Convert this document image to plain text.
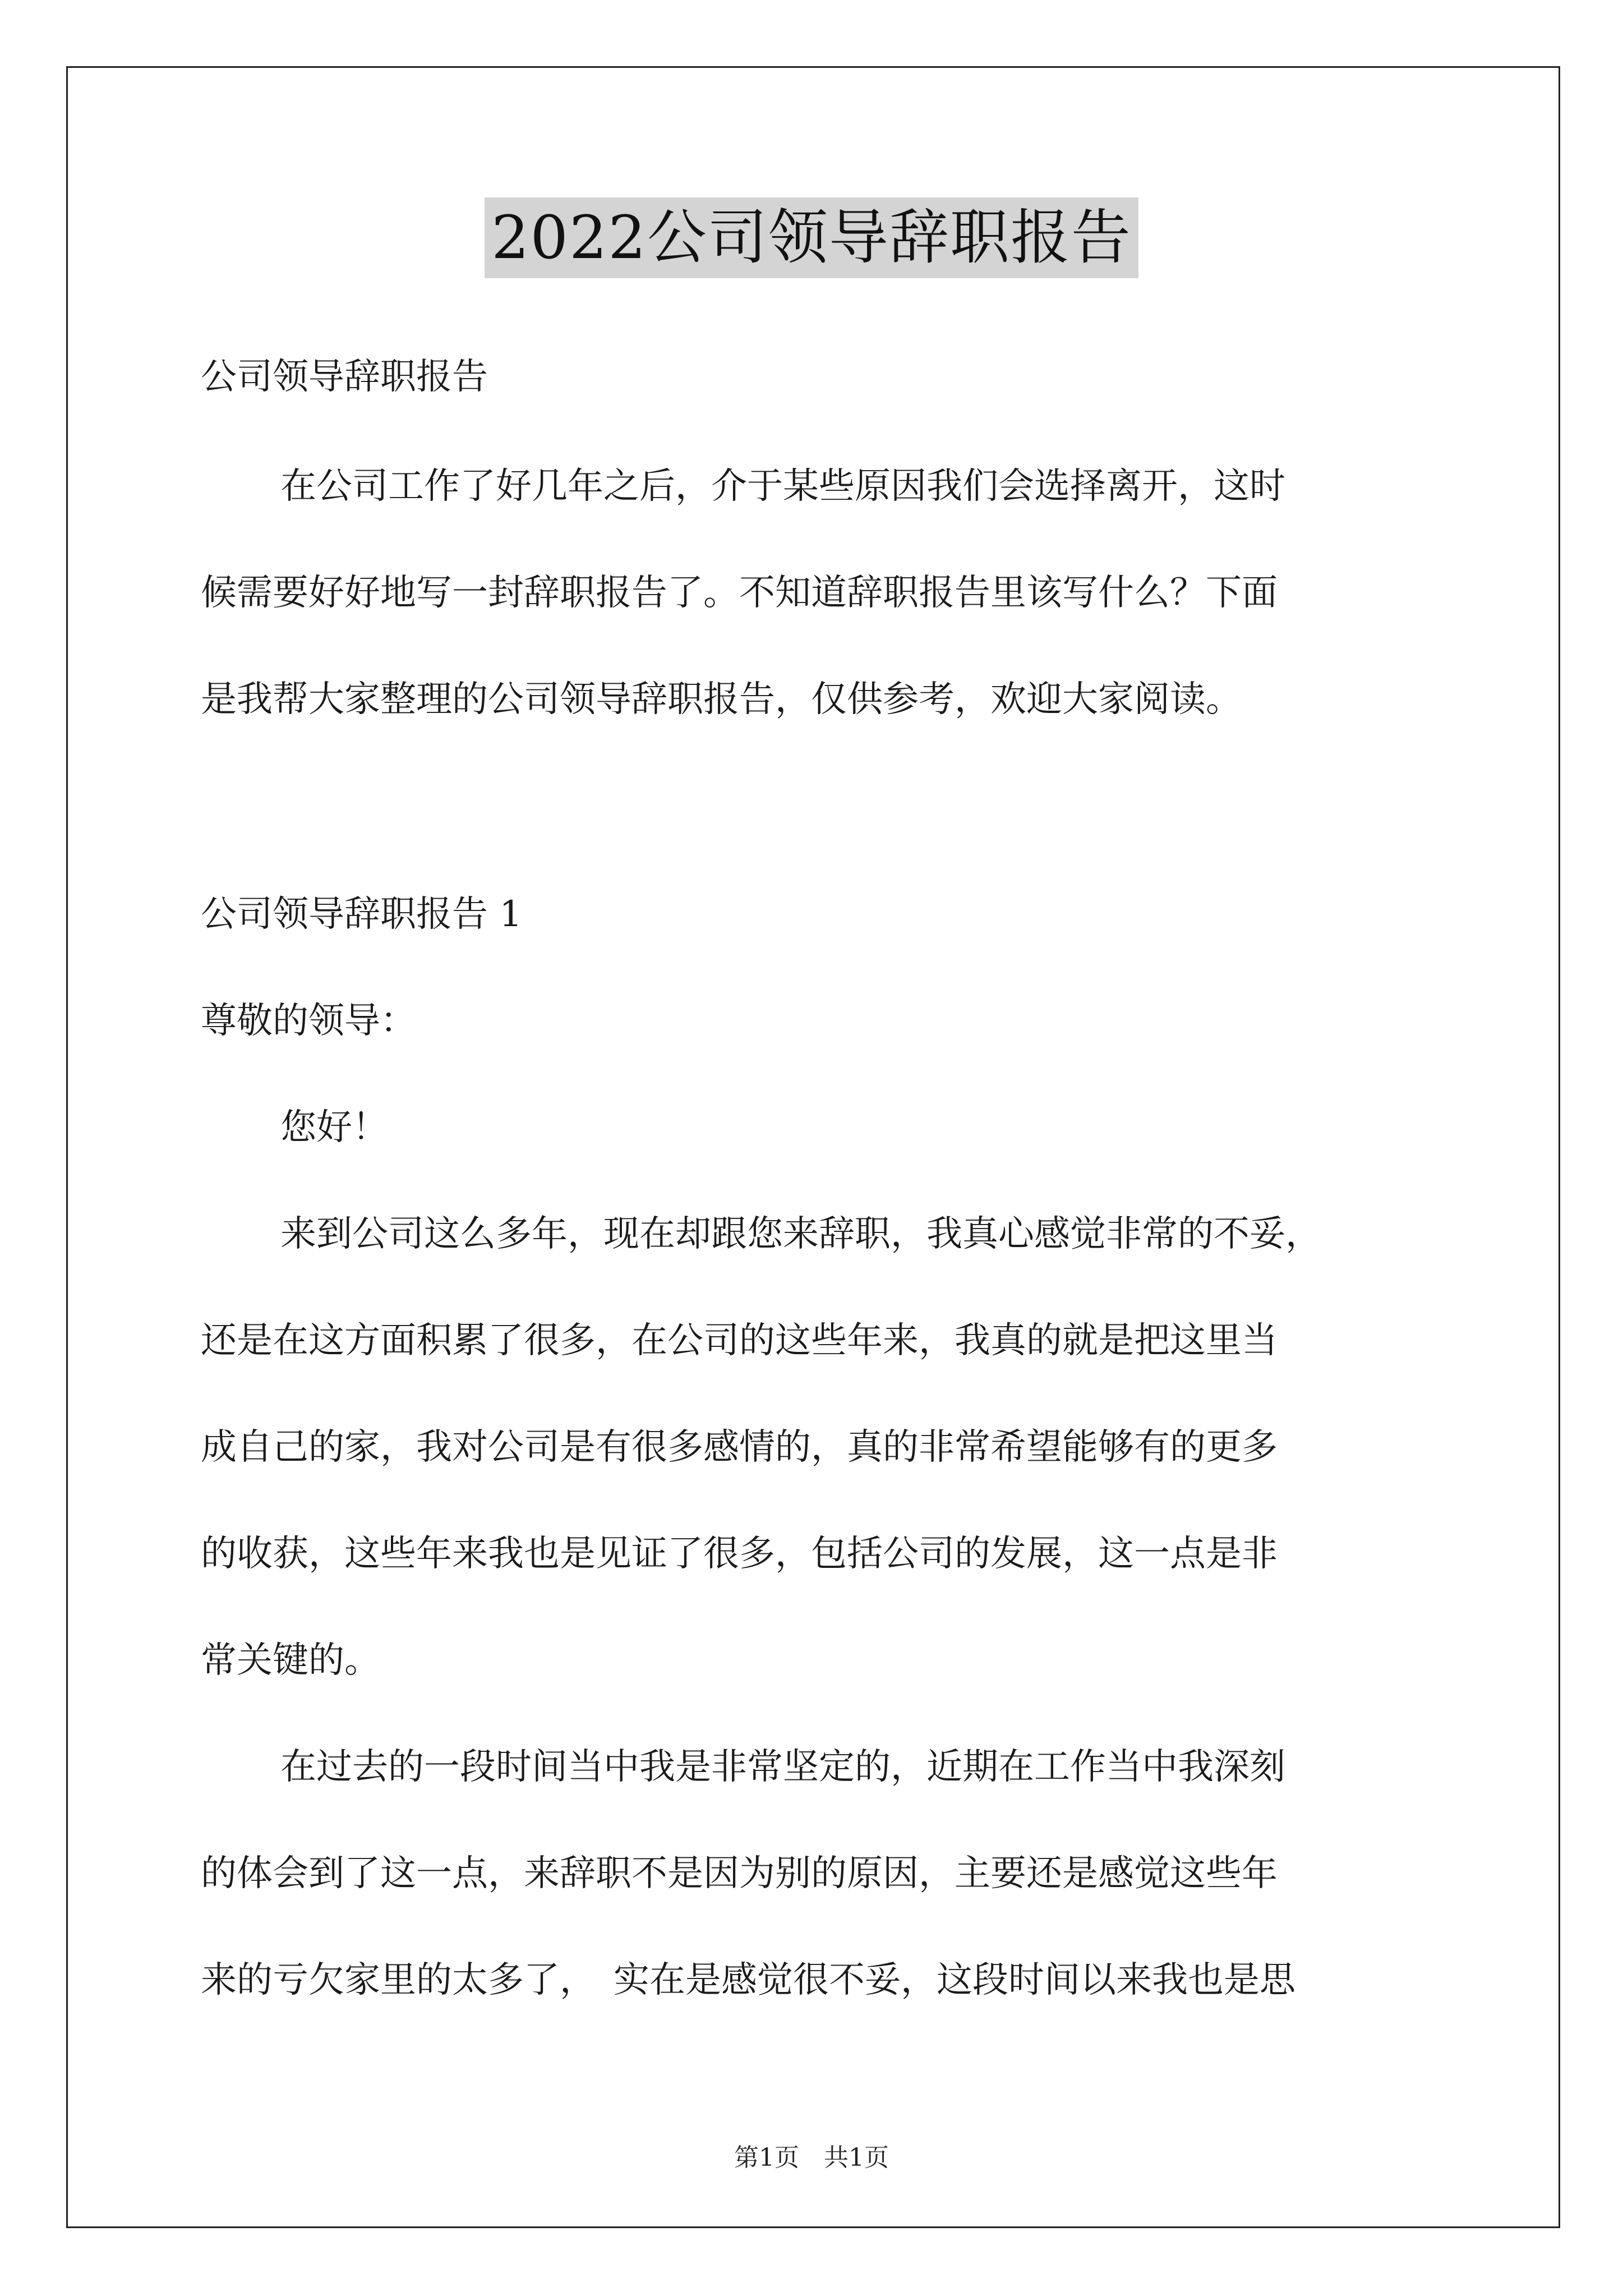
2022公司领导辞职报告
公司领导辞职报告
在公司工作了好几年之后，介于某些原因我们会选择离开，这时
候需要好好地写一封辞职报告了。不知道辞职报告里该写什么？下面
是我帮大家整理的公司领导辞职报告，仅供参考，欢迎大家阅读。
公司领导辞职报告 1
尊敬的领导：
您好！
来到公司这么多年，现在却跟您来辞职，我真心感觉非常的不妥，
还是在这方面积累了很多，在公司的这些年来，我真的就是把这里当
成自己的家，我对公司是有很多感情的，真的非常希望能够有的更多
的收获，这些年来我也是见证了很多，包括公司的发展，这一点是非
常关键的。
在过去的一段时间当中我是非常坚定的，近期在工作当中我深刻
的体会到了这一点，来辞职不是因为别的原因，主要还是感觉这些年
来的亏欠家里的太多了，　实在是感觉很不妥，这段时间以来我也是思
第1页　共1页
